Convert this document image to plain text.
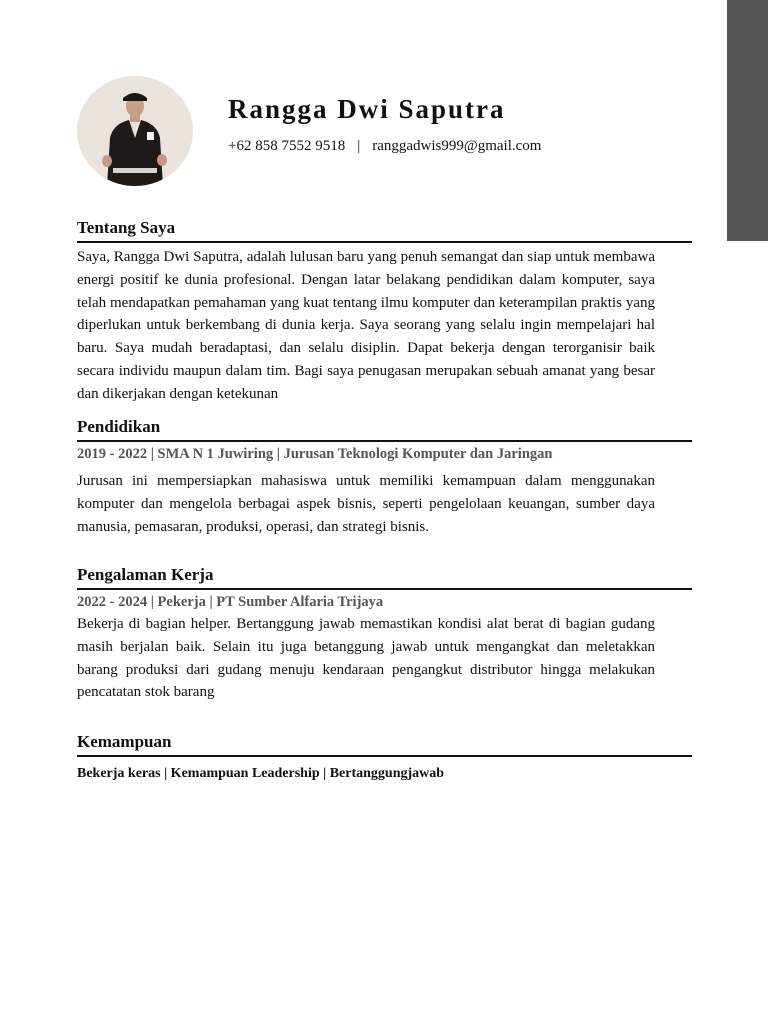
Rangga Dwi Saputra
+62 858 7552 9518 | ranggadwis999@gmail.com
Tentang Saya

Saya, Rangga Dwi Saputra, adalah lulusan baru yang penuh semangat dan siap untuk membawa energi positif ke dunia profesional. Dengan latar belakang pendidikan dalam komputer, saya telah mendapatkan pemahaman yang kuat tentang ilmu komputer dan keterampilan praktis yang diperlukan untuk berkembang di dunia kerja. Saya seorang yang selalu ingin mempelajari hal baru. Saya mudah beradaptasi, dan selalu disiplin. Dapat bekerja dengan terorganisir baik secara individu maupun dalam tim. Bagi saya penugasan merupakan sebuah amanat yang besar dan dikerjakan dengan ketekunan

Pendidikan
2019 - 2022 | SMA N 1 Juwiring | Jurusan Teknologi Komputer dan Jaringan

Jurusan ini mempersiapkan mahasiswa untuk memiliki kemampuan dalam menggunakan komputer dan mengelola berbagai aspek bisnis, seperti pengelolaan keuangan, sumber daya manusia, pemasaran, produksi, operasi, dan strategi bisnis.

Pengalaman Kerja
2022 - 2024 | Pekerja | PT Sumber Alfaria Trijaya

Bekerja di bagian helper. Bertanggung jawab memastikan kondisi alat berat di bagian gudang masih berjalan baik. Selain itu juga betanggung jawab untuk mengangkat dan meletakkan barang produksi dari gudang menuju kendaraan pengangkut distributor hingga melakukan pencatatan stok barang

Kemampuan
Bekerja keras | Kemampuan Leadership | Bertanggungjawab
